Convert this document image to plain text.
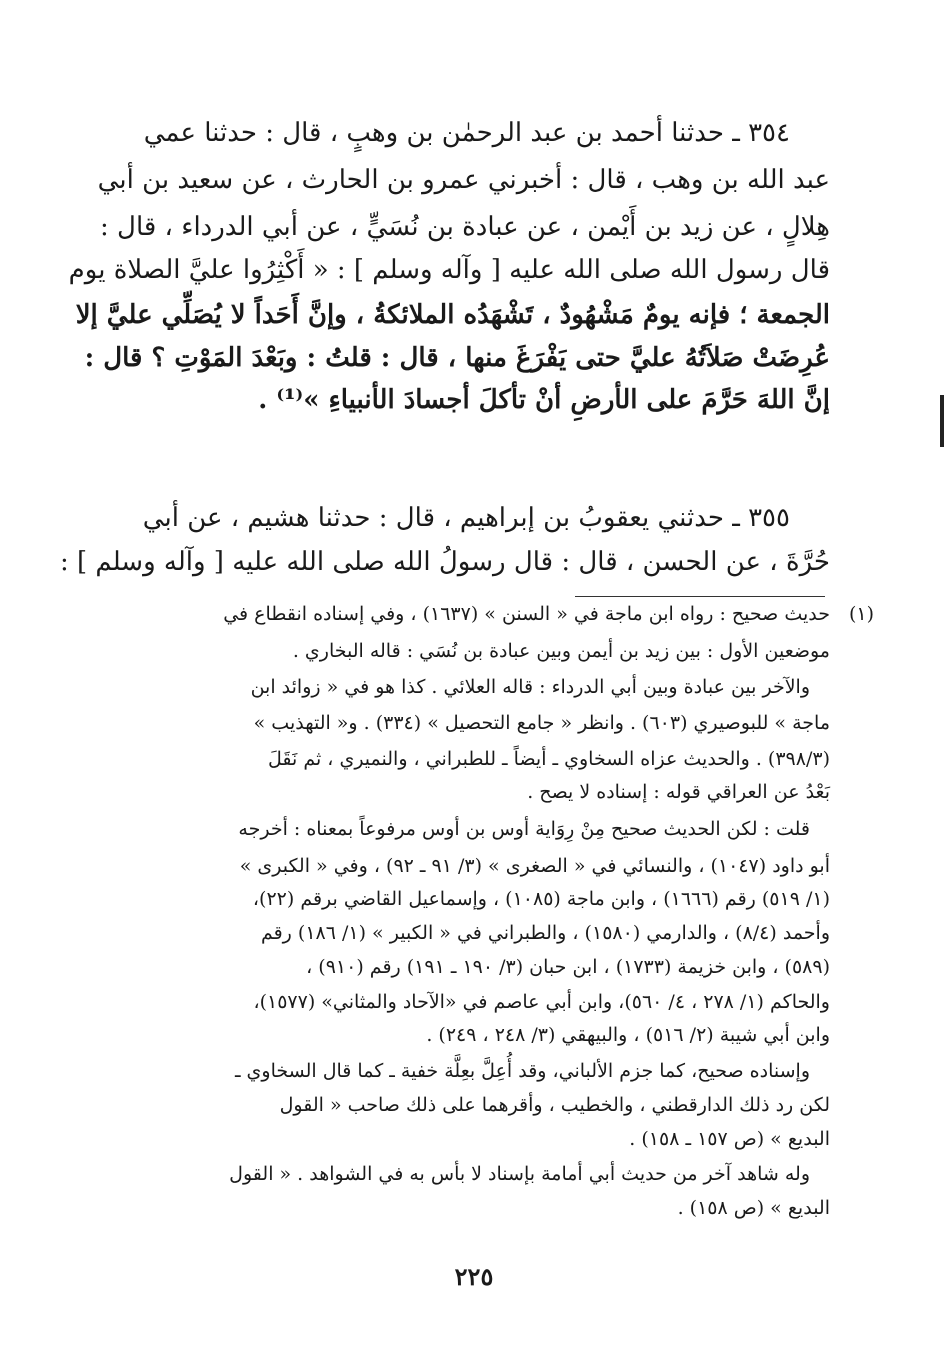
٣٥٤ ـ حدثنا أحمد بن عبد الرحمٰن بن وهبٍ ، قال : حدثنا عمي
عبد الله بن وهب ، قال : أخبرني عمرو بن الحارث ، عن سعيد بن أبي
هِلالٍ ، عن زيد بن أَيْمن ، عن عبادة بن نُسَيٍّ ، عن أبي الدرداء ، قال :
قال رسول الله صلى الله عليه [ وآله وسلم ] : « أَكْثِرُوا عليَّ الصلاة يوم
الجمعة ؛ فإنه يومٌ مَشْهُودٌ ، تَشْهَدُه الملائكةُ ، وإنَّ أَحَداً لا يُصَلِّي عليَّ إلا
عُرِضَتْ صَلاَتُهُ عليَّ حتى يَفْرَغَ منها ، قال : قلتُ : وبَعْدَ المَوْتِ ؟ قال :
إنَّ اللهَ حَرَّمَ على الأرضِ أنْ تأكلَ أجسادَ الأنبياءِ »⁽¹⁾ .
٣٥٥ ـ حدثني يعقوبُ بن إبراهيم ، قال : حدثنا هشيم ، عن أبي
حُرَّةَ ، عن الحسن ، قال : قال رسولُ الله صلى الله عليه [ وآله وسلم ] :
(١)
حديث صحيح : رواه ابن ماجة في « السنن » (١٦٣٧) ، وفي إسناده انقطاع في
موضعين الأول : بين زيد بن أيمن وبين عبادة بن نُسَي : قاله البخاري .
والآخر بين عبادة وبين أبي الدرداء : قاله العلائي . كذا هو في « زوائد ابن
ماجة » للبوصيري (٦٠٣) . وانظر « جامع التحصيل » (٣٣٤) . و« التهذيب »
(٣٩٨/٣) . والحديث عزاه السخاوي ـ أيضاً ـ للطبراني ، والنميري ، ثم نَقَلَ
بَعْدُ عن العراقي قوله : إسناده لا يصح .
قلت : لكن الحديث صحيح مِنْ رِوَاية أوس بن أوس مرفوعاً بمعناه : أخرجه
أبو داود (١٠٤٧) ، والنسائي في « الصغرى » (٣/ ٩١ ـ ٩٢) ، وفي « الكبرى »
(١/ ٥١٩) رقم (١٦٦٦) ، وابن ماجة (١٠٨٥) ، وإسماعيل القاضي برقم (٢٢)،
وأحمد (٨/٤) ، والدارمي (١٥٨٠) ، والطبراني في « الكبير » (١/ ١٨٦) رقم
(٥٨٩) ، وابن خزيمة (١٧٣٣) ، ابن حبان (٣/ ١٩٠ ـ ١٩١) رقم (٩١٠) ،
والحاكم (١/ ٢٧٨ ، ٤/ ٥٦٠)، وابن أبي عاصم في «الآحاد والمثاني» (١٥٧٧)،
وابن أبي شيبة (٢/ ٥١٦) ، والبيهقي (٣/ ٢٤٨ ، ٢٤٩) .
وإسناده صحيح، كما جزم الألباني، وقد أُعِلَّ بعِلَّة خفية ـ كما قال السخاوي ـ
لكن رد ذلك الدارقطني ، والخطيب ، وأقرهما على ذلك صاحب « القول
البديع » (ص ١٥٧ ـ ١٥٨) .
وله شاهد آخر من حديث أبي أمامة بإسناد لا بأس به في الشواهد . « القول
البديع » (ص ١٥٨) .
٢٢٥
